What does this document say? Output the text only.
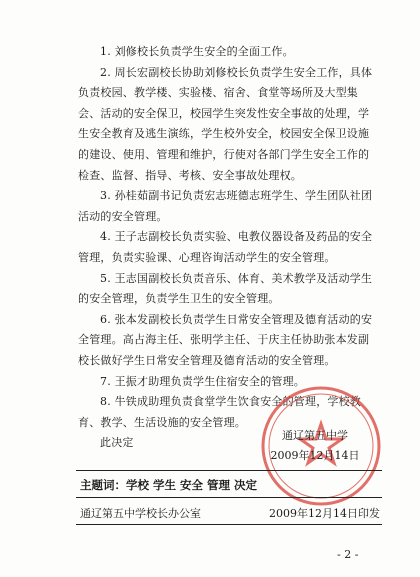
1. 刘修校长负责学生安全的全面工作。

2. 周长宏副校长协助刘修校长负责学生安全工作，具体负责校园、教学楼、实验楼、宿舍、食堂等场所及大型集会、活动的安全保卫，校园学生突发性安全事故的处理，学生安全教育及逃生演练，学生校外安全，校园安全保卫设施的建设、使用、管理和维护，行使对各部门学生安全工作的检查、监督、指导、考核、安全事故处理权。

3. 孙桂茹副书记负责宏志班德志班学生、学生团队社团活动的安全管理。

4. 王子志副校长负责实验、电教仪器设备及药品的安全管理，负责实验课、心理咨询活动学生的安全管理。

5. 王志国副校长负责音乐、体育、美术教学及活动学生的安全管理，负责学生卫生的安全管理。

6. 张本发副校长负责学生日常安全管理及德育活动的安全管理。高占海主任、张明学主任、于庆主任协助张本发副校长做好学生日常安全管理及德育活动的安全管理。

7. 王振才助理负责学生住宿安全的管理。

8. 牛铁成助理负责食堂学生饮食安全的管理，学校教育、教学、生活设施的安全管理。

此决定

通辽第五中学
2009年12月14日
主题词：学校 学生 安全 管理 决定
通辽第五中学校长办公室	2009年12月14日印发
- 2 -
